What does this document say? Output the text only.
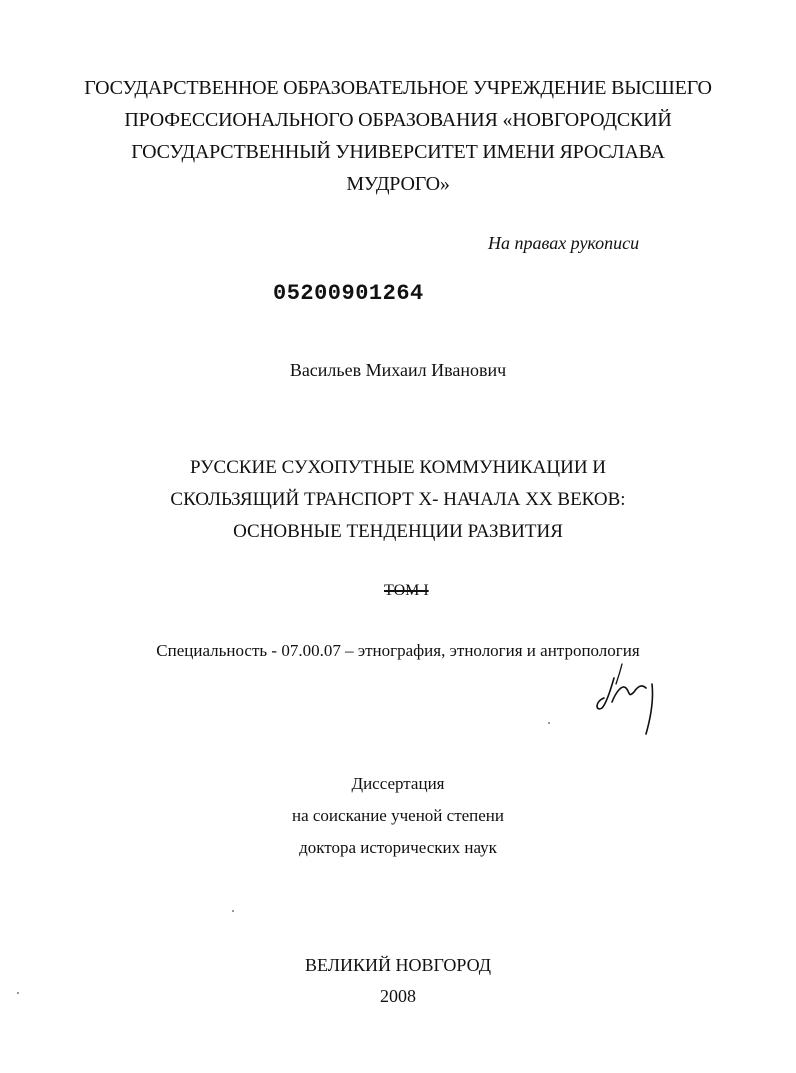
ГОСУДАРСТВЕННОЕ ОБРАЗОВАТЕЛЬНОЕ УЧРЕЖДЕНИЕ ВЫСШЕГО
ПРОФЕССИОНАЛЬНОГО ОБРАЗОВАНИЯ «НОВГОРОДСКИЙ
ГОСУДАРСТВЕННЫЙ УНИВЕРСИТЕТ ИМЕНИ ЯРОСЛАВА
МУДРОГО»
На правах рукописи
05200901264
Васильев Михаил Иванович
РУССКИЕ СУХОПУТНЫЕ КОММУНИКАЦИИ И
СКОЛЬЗЯЩИЙ ТРАНСПОРТ X- НАЧАЛА XX ВЕКОВ:
ОСНОВНЫЕ ТЕНДЕНЦИИ РАЗВИТИЯ
ТОМ I
Специальность - 07.00.07 – этнография, этнология и антропология
Диссертация
на соискание ученой степени
доктора исторических наук
ВЕЛИКИЙ НОВГОРОД
2008
